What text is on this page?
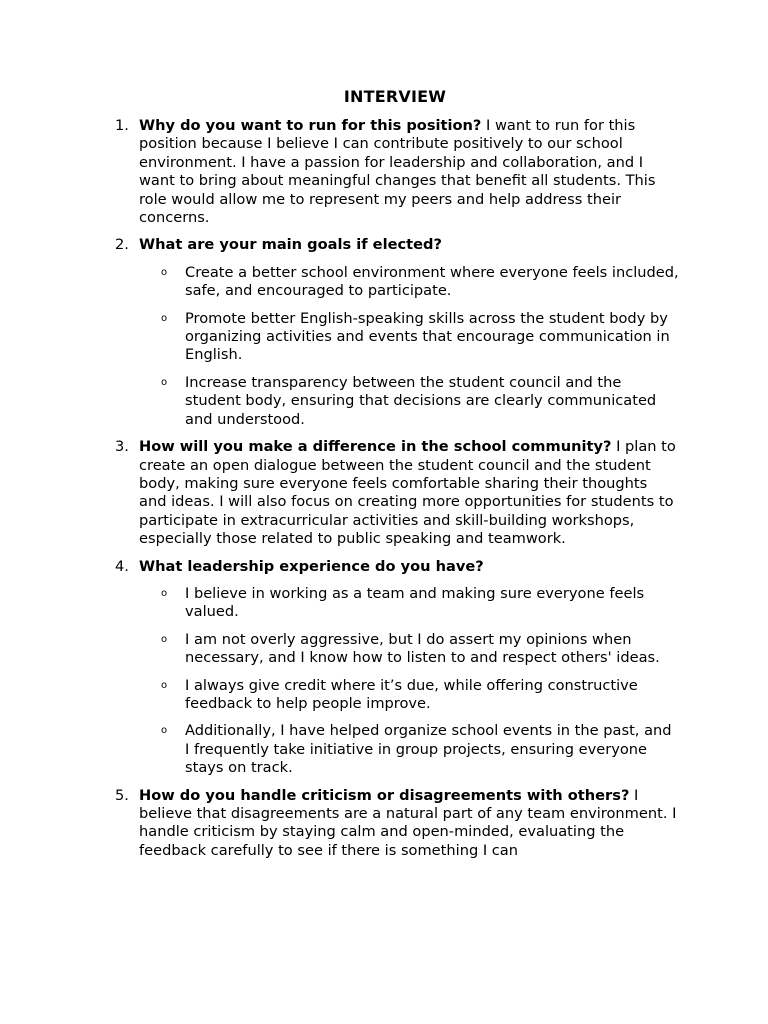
INTERVIEW
1. Why do you want to run for this position? I want to run for this position because I believe I can contribute positively to our school environment. I have a passion for leadership and collaboration, and I want to bring about meaningful changes that benefit all students. This role would allow me to represent my peers and help address their concerns.
2. What are your main goals if elected?
o Create a better school environment where everyone feels included, safe, and encouraged to participate.
o Promote better English-speaking skills across the student body by organizing activities and events that encourage communication in English.
o Increase transparency between the student council and the student body, ensuring that decisions are clearly communicated and understood.
3. How will you make a difference in the school community? I plan to create an open dialogue between the student council and the student body, making sure everyone feels comfortable sharing their thoughts and ideas. I will also focus on creating more opportunities for students to participate in extracurricular activities and skill-building workshops, especially those related to public speaking and teamwork.
4. What leadership experience do you have?
o I believe in working as a team and making sure everyone feels valued.
o I am not overly aggressive, but I do assert my opinions when necessary, and I know how to listen to and respect others' ideas.
o I always give credit where it’s due, while offering constructive feedback to help people improve.
o Additionally, I have helped organize school events in the past, and I frequently take initiative in group projects, ensuring everyone stays on track.
5. How do you handle criticism or disagreements with others? I believe that disagreements are a natural part of any team environment. I handle criticism by staying calm and open-minded, evaluating the feedback carefully to see if there is something I can
